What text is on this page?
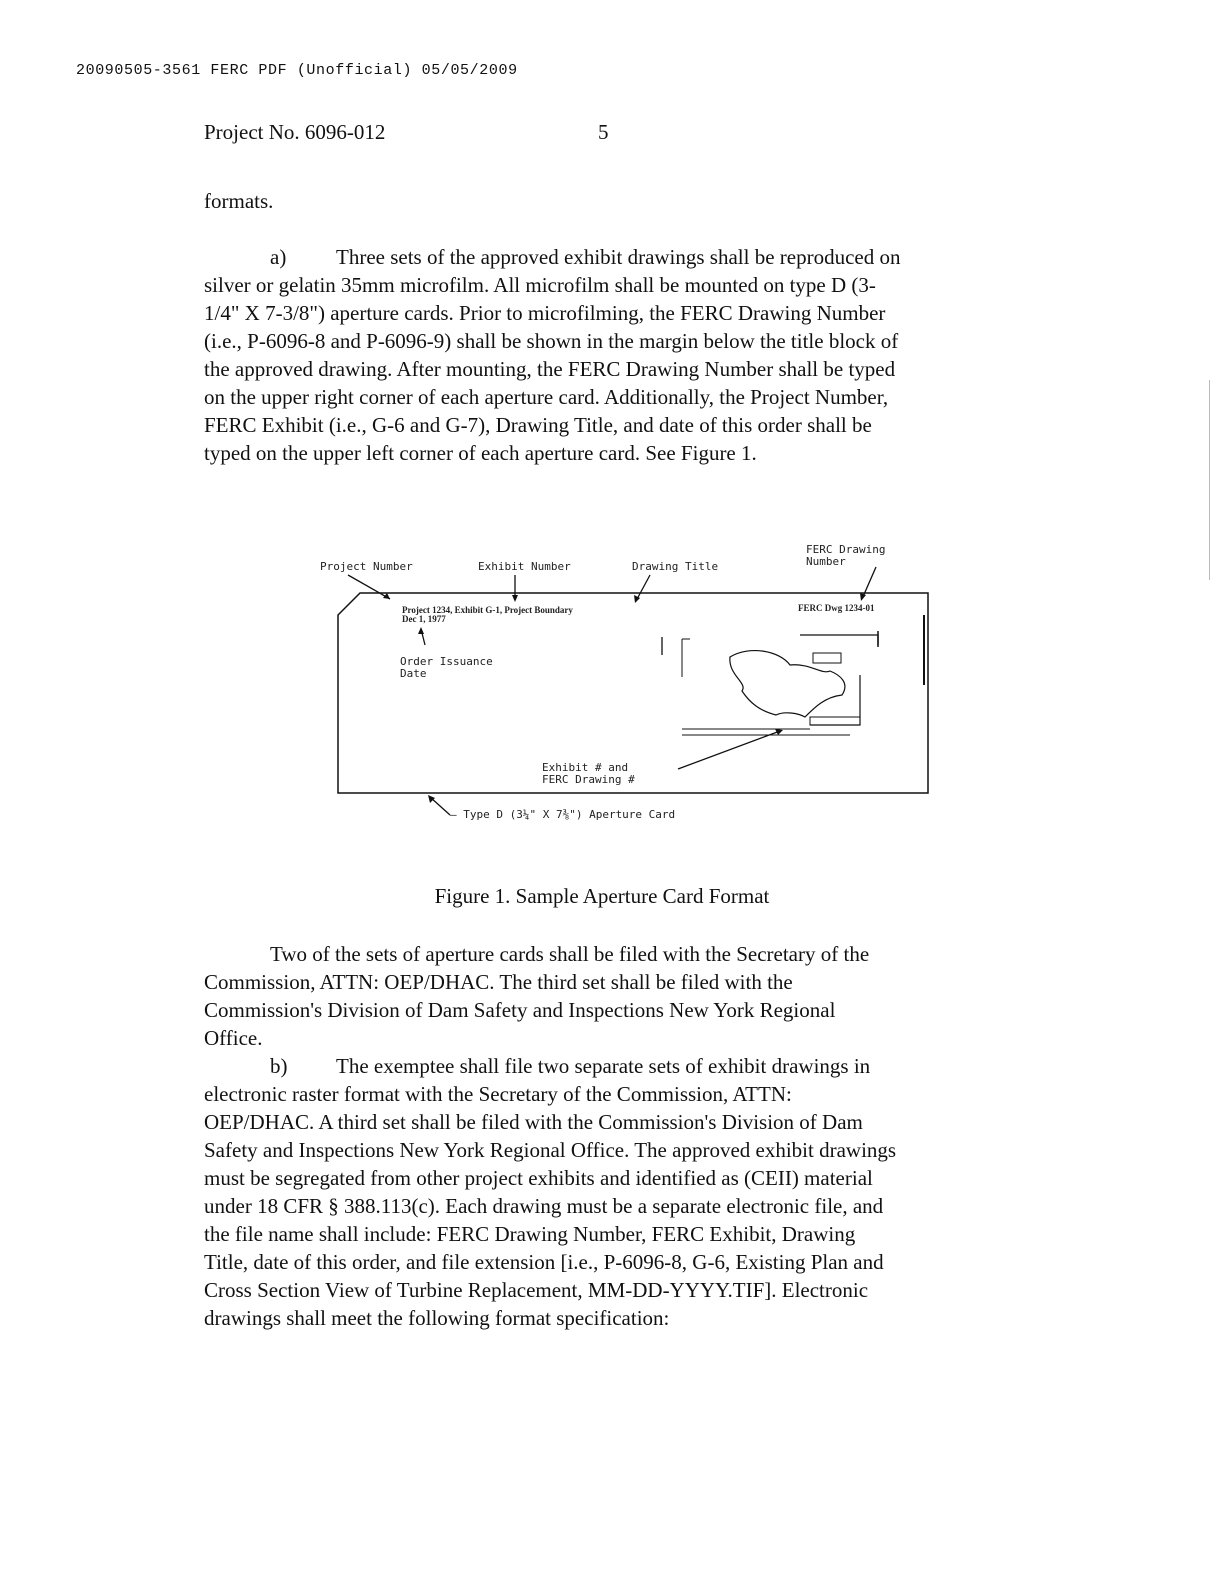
20090505-3561 FERC PDF (Unofficial) 05/05/2009
Project No. 6096-012	5

formats.

a) Three sets of the approved exhibit drawings shall be reproduced on
silver or gelatin 35mm microfilm. All microfilm shall be mounted on type D (3-
1/4" X 7-3/8") aperture cards. Prior to microfilming, the FERC Drawing Number
(i.e., P-6096-8 and P-6096-9) shall be shown in the margin below the title block of
the approved drawing. After mounting, the FERC Drawing Number shall be typed
on the upper right corner of each aperture card. Additionally, the Project Number,
FERC Exhibit (i.e., G-6 and G-7), Drawing Title, and date of this order shall be
typed on the upper left corner of each aperture card. See Figure 1.

Project Number	Exhibit Number	Drawing Title
FERC Drawing
Number
Project 1234, Exhibit G-1, Project Boundary
Dec 1, 1977
FERC Dwg 1234-01
Order Issuance
Date
Exhibit # and
FERC Drawing #
— Type D (3¼" X 7⅜") Aperture Card
Figure 1. Sample Aperture Card Format

Two of the sets of aperture cards shall be filed with the Secretary of the
Commission, ATTN: OEP/DHAC. The third set shall be filed with the
Commission's Division of Dam Safety and Inspections New York Regional
Office.

b) The exemptee shall file two separate sets of exhibit drawings in
electronic raster format with the Secretary of the Commission, ATTN:
OEP/DHAC. A third set shall be filed with the Commission's Division of Dam
Safety and Inspections New York Regional Office. The approved exhibit drawings
must be segregated from other project exhibits and identified as (CEII) material
under 18 CFR § 388.113(c). Each drawing must be a separate electronic file, and
the file name shall include: FERC Drawing Number, FERC Exhibit, Drawing
Title, date of this order, and file extension [i.e., P-6096-8, G-6, Existing Plan and
Cross Section View of Turbine Replacement, MM-DD-YYYY.TIF]. Electronic
drawings shall meet the following format specification:
